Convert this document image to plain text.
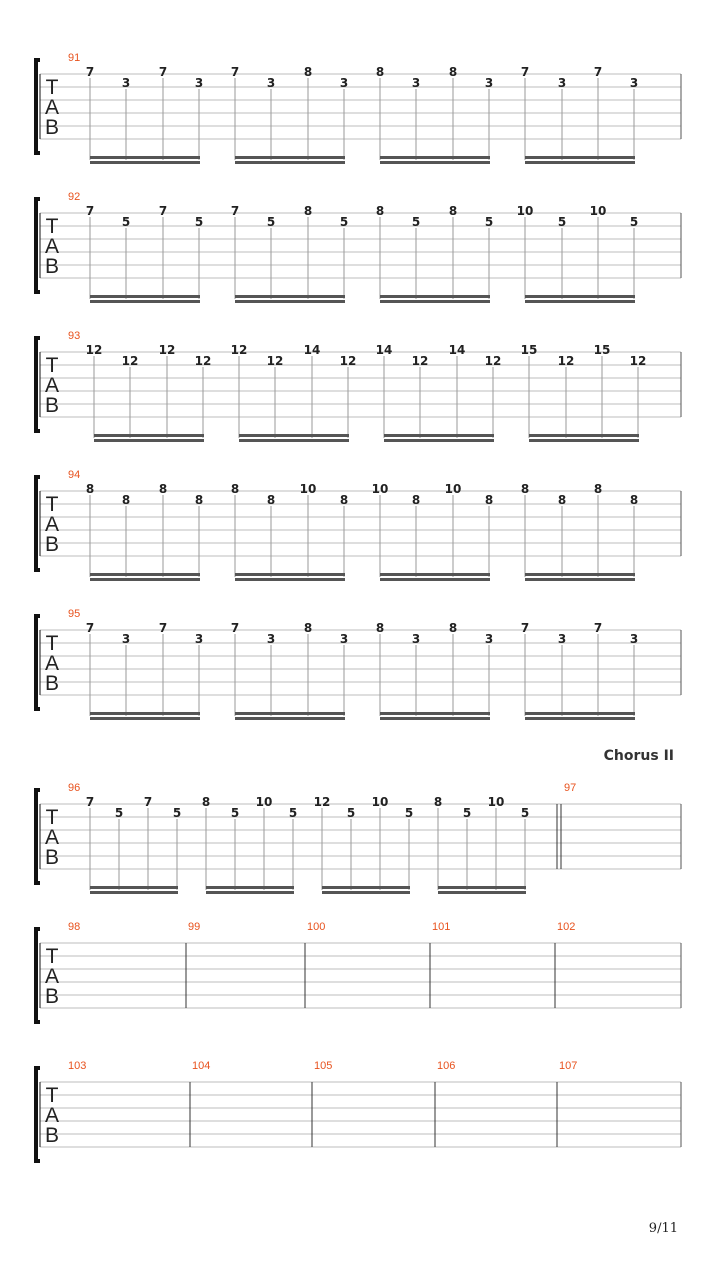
T
A
B
91
7
3
7
3
7
3
8
3
8
3
8
3
7
3
7
3
T
A
B
92
7
5
7
5
7
5
8
5
8
5
8
5
10
5
10
5
T
A
B
93
12
12
12
12
12
12
14
12
14
12
14
12
15
12
15
12
T
A
B
94
8
8
8
8
8
8
10
8
10
8
10
8
8
8
8
8
T
A
B
95
7
3
7
3
7
3
8
3
8
3
8
3
7
3
7
3
T
A
B
96
7
5
7
5
8
5
10
5
12
5
10
5
8
5
10
5
97
T
A
B
98	99	100	101	102
T
A
B
103	104	105	106	107
Chorus II
9/11
